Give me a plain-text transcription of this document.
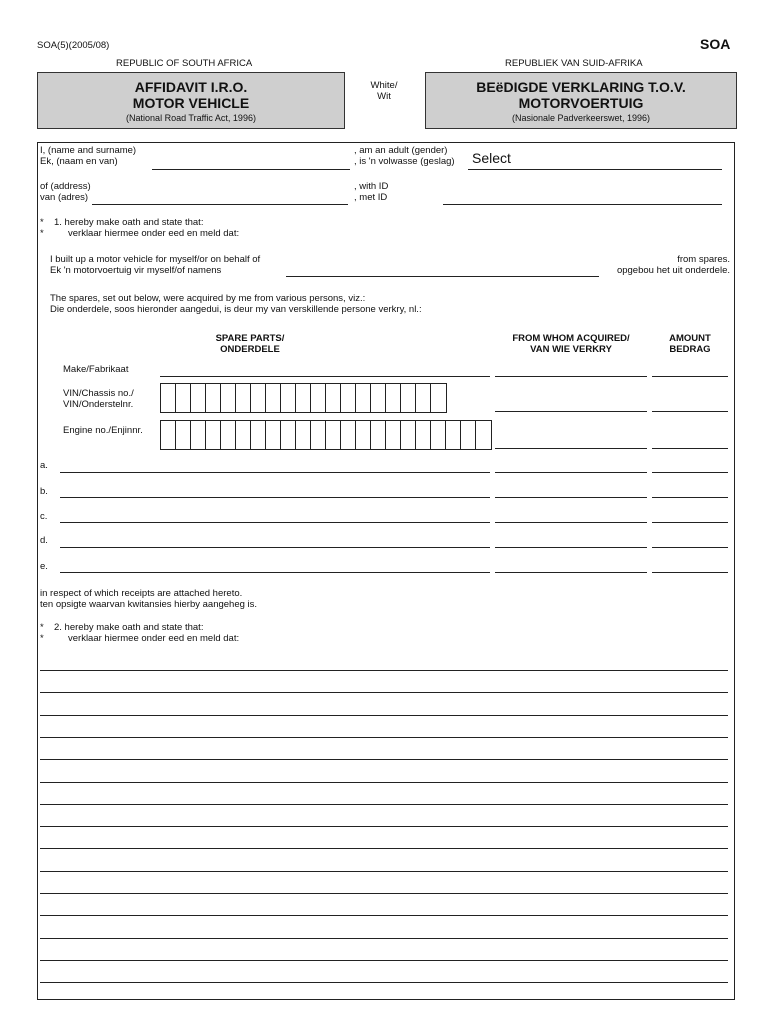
SOA(5)(2005/08)	SOA
REPUBLIC OF SOUTH AFRICA	REPUBLIEK VAN SUID-AFRIKA
AFFIDAVIT I.R.O.
MOTOR VEHICLE
(National Road Traffic Act, 1996)
White/
Wit
BEëDIGDE VERKLARING T.O.V.
MOTORVOERTUIG
(Nasionale Padverkeerswet, 1996)
I, (name and surname)
Ek, (naam en van)
, am an adult (gender)
, is 'n volwasse (geslag) Select
of (address)
van (adres)
, with ID
, met ID
*
*
1. hereby make oath and state that:
verklaar hiermee onder eed en meld dat:
I built up a motor vehicle for myself/or on behalf of
Ek 'n motorvoertuig vir myself/of namens
from spares.
opgebou het uit onderdele.
The spares, set out below, were acquired by me from various persons, viz.:
Die onderdele, soos hieronder aangedui, is deur my van verskillende persone verkry, nl.:
SPARE PARTS/
ONDERDELE
FROM WHOM ACQUIRED/
VAN WIE VERKRY
AMOUNT
BEDRAG
Make/Fabrikaat
VIN/Chassis no./
VIN/Onderstelnr.
Engine no./Enjinnr.
a.
b.
c.
d.
e.
in respect of which receipts are attached hereto.
ten opsigte waarvan kwitansies hierby aangeheg is.
*
*
2. hereby make oath and state that:
verklaar hiermee onder eed en meld dat:
